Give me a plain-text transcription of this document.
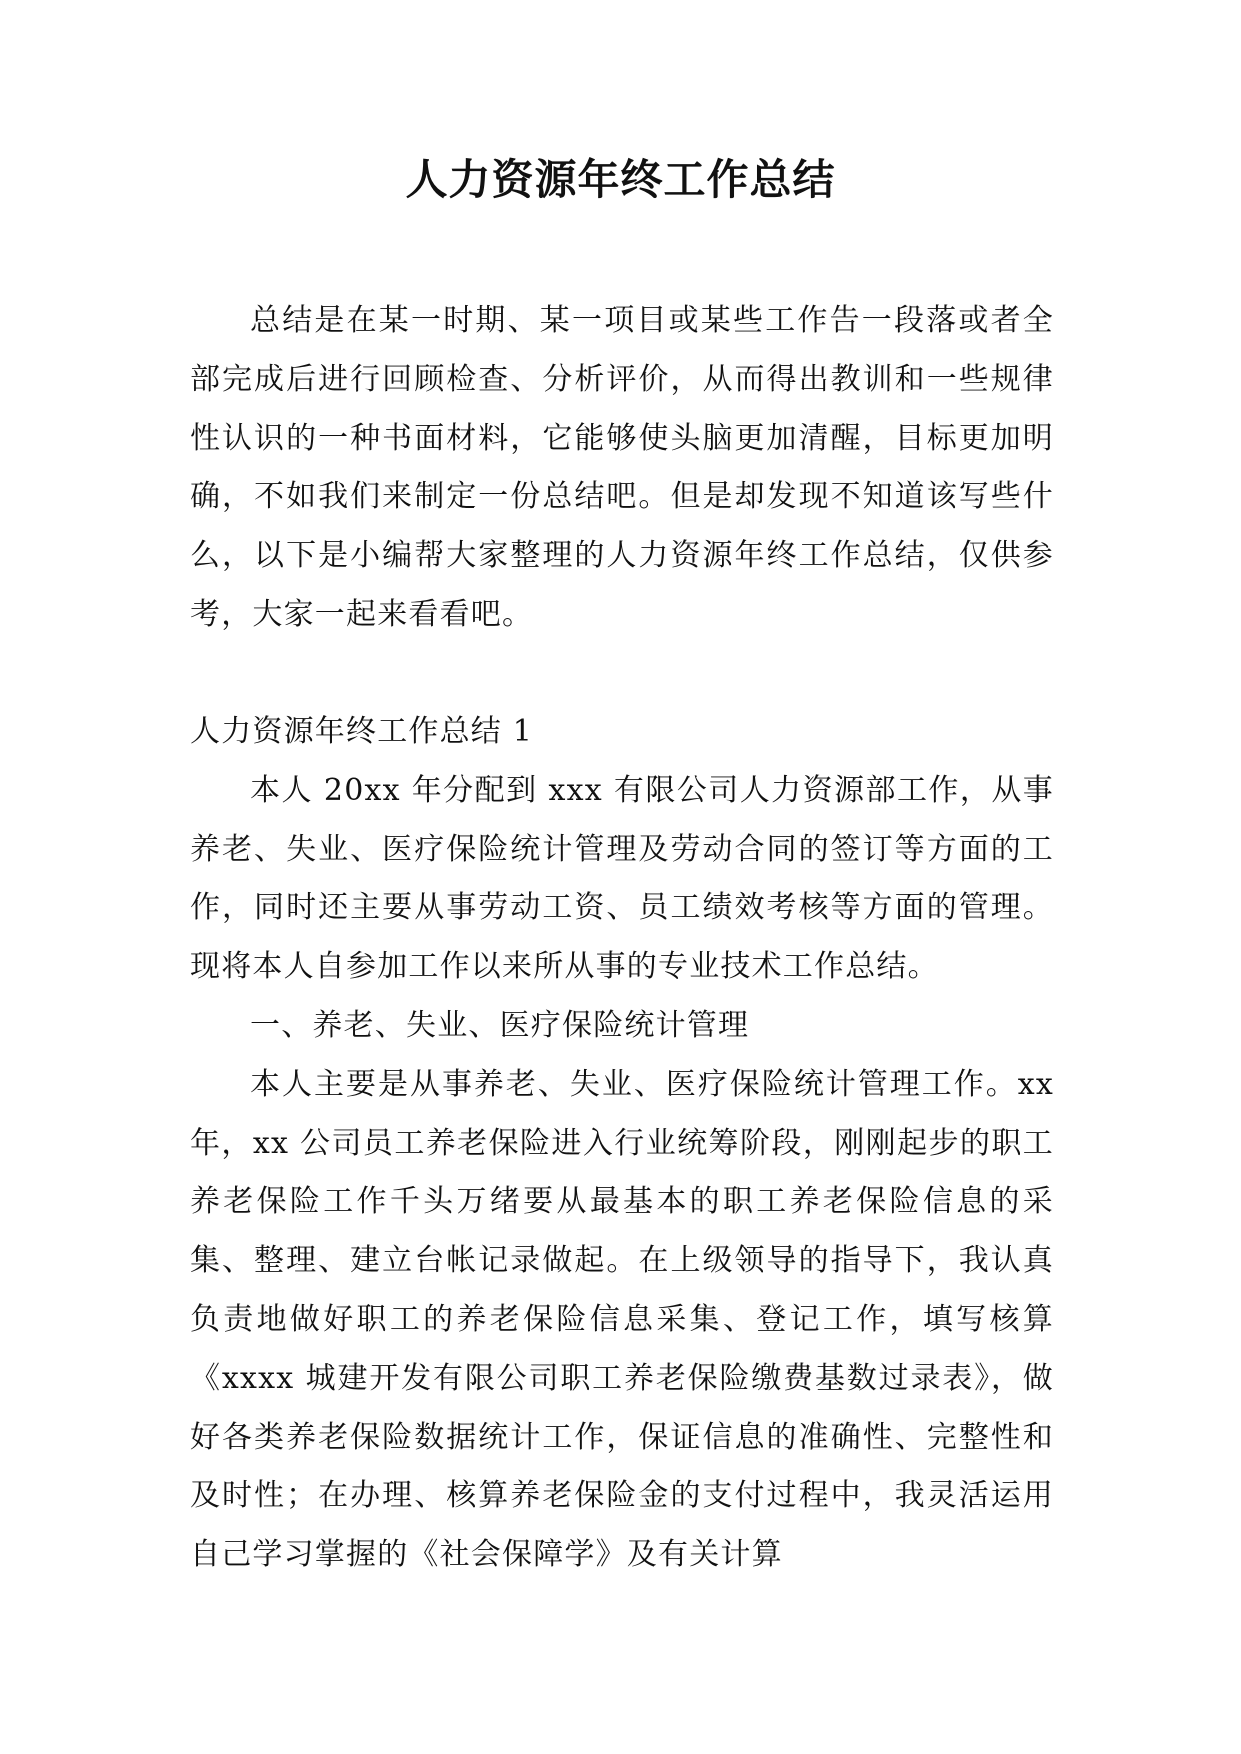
人力资源年终工作总结

总结是在某一时期、某一项目或某些工作告一段落或者全部完成后进行回顾检查、分析评价，从而得出教训和一些规律性认识的一种书面材料，它能够使头脑更加清醒，目标更加明确，不如我们来制定一份总结吧。但是却发现不知道该写些什么，以下是小编帮大家整理的人力资源年终工作总结，仅供参考，大家一起来看看吧。

人力资源年终工作总结 1

本人 20xx 年分配到 xxx 有限公司人力资源部工作，从事养老、失业、医疗保险统计管理及劳动合同的签订等方面的工作，同时还主要从事劳动工资、员工绩效考核等方面的管理。现将本人自参加工作以来所从事的专业技术工作总结。

一、养老、失业、医疗保险统计管理

本人主要是从事养老、失业、医疗保险统计管理工作。xx 年，xx 公司员工养老保险进入行业统筹阶段，刚刚起步的职工养老保险工作千头万绪要从最基本的职工养老保险信息的采集、整理、建立台帐记录做起。在上级领导的指导下，我认真负责地做好职工的养老保险信息采集、登记工作，填写核算《xxxx 城建开发有限公司职工养老保险缴费基数过录表》，做好各类养老保险数据统计工作，保证信息的准确性、完整性和及时性；在办理、核算养老保险金的支付过程中，我灵活运用自己学习掌握的《社会保障学》及有关计算
